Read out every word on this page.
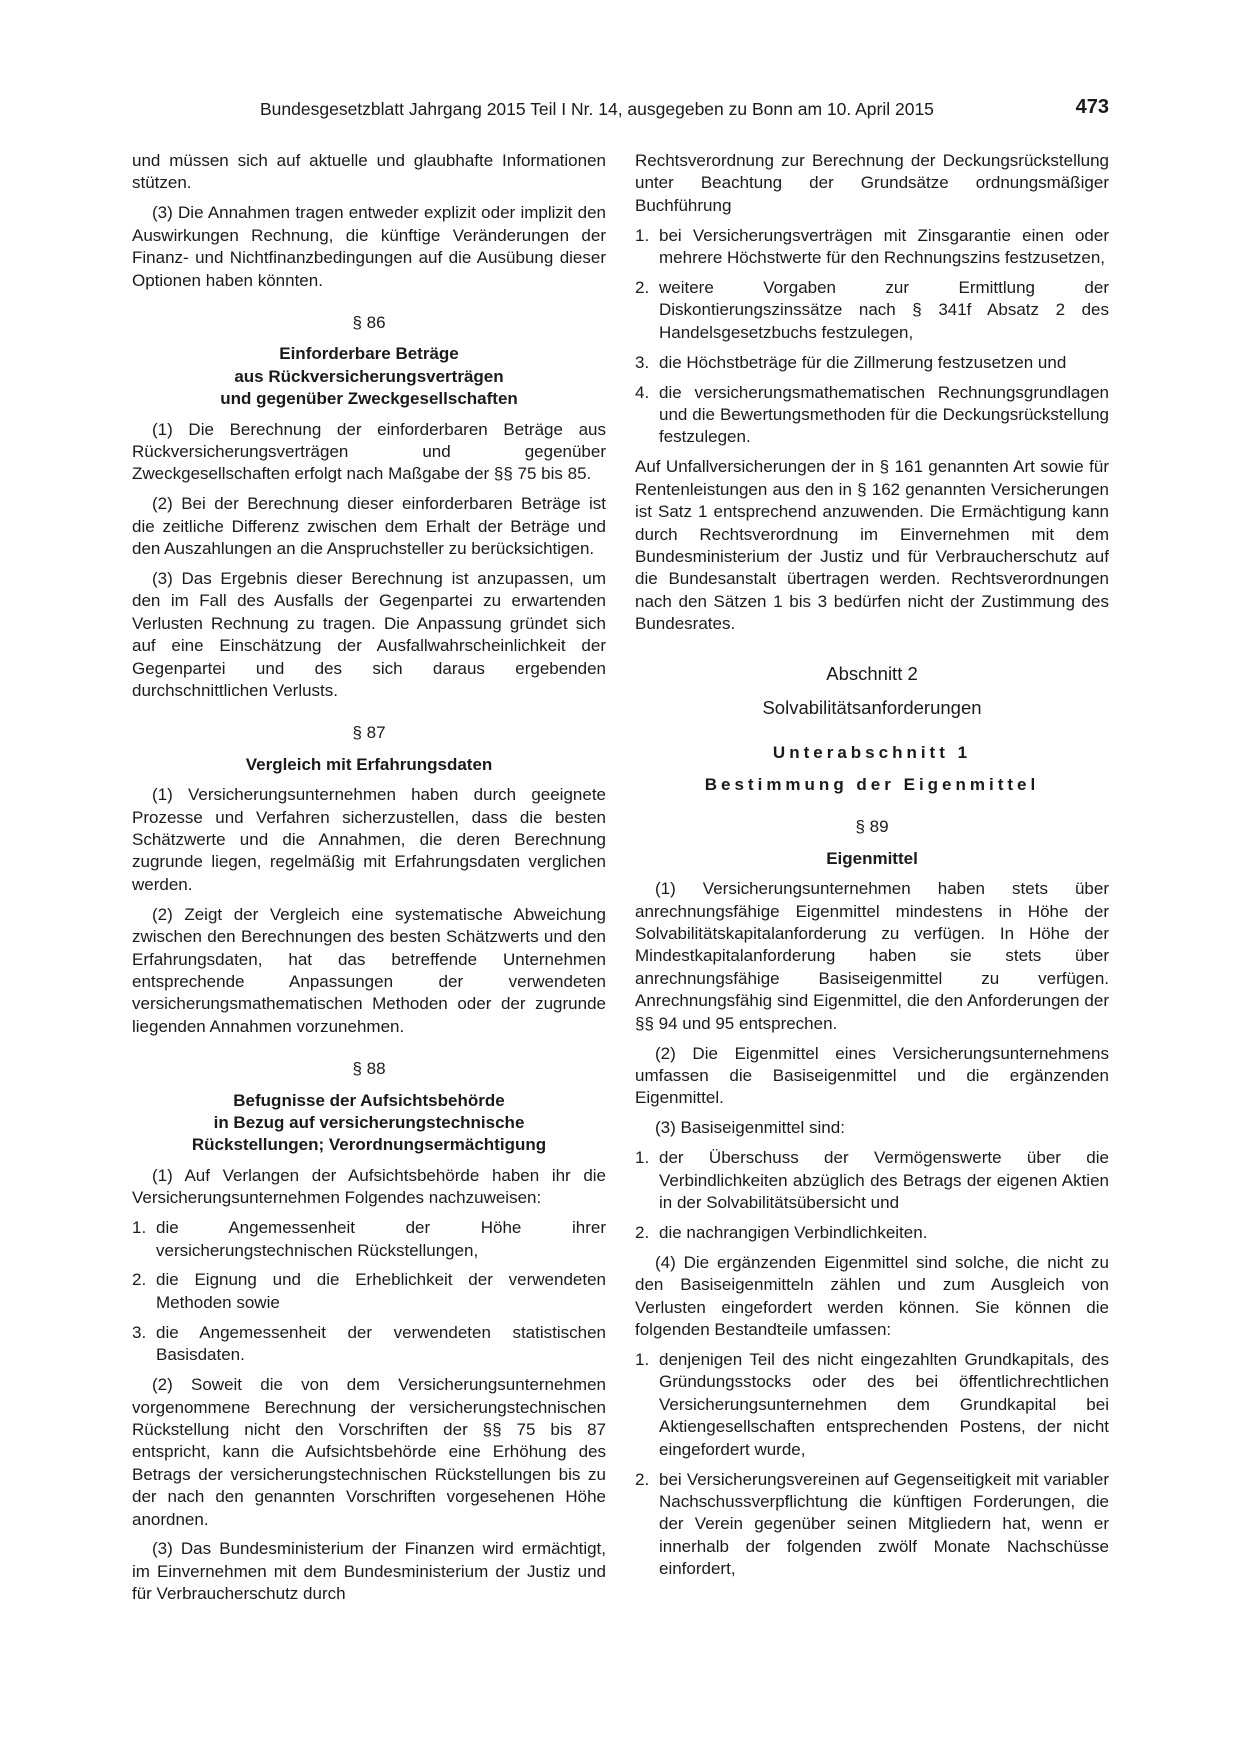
Bundesgesetzblatt Jahrgang 2015 Teil I Nr. 14, ausgegeben zu Bonn am 10. April 2015	473

und müssen sich auf aktuelle und glaubhafte Informationen stützen.

(3) Die Annahmen tragen entweder explizit oder implizit den Auswirkungen Rechnung, die künftige Veränderungen der Finanz- und Nichtfinanzbedingungen auf die Ausübung dieser Optionen haben könnten.

§ 86
Einforderbare Beträge
aus Rückversicherungsverträgen
und gegenüber Zweckgesellschaften

(1) Die Berechnung der einforderbaren Beträge aus Rückversicherungsverträgen und gegenüber Zweckgesellschaften erfolgt nach Maßgabe der §§ 75 bis 85.

(2) Bei der Berechnung dieser einforderbaren Beträge ist die zeitliche Differenz zwischen dem Erhalt der Beträge und den Auszahlungen an die Anspruchsteller zu berücksichtigen.

(3) Das Ergebnis dieser Berechnung ist anzupassen, um den im Fall des Ausfalls der Gegenpartei zu erwartenden Verlusten Rechnung zu tragen. Die Anpassung gründet sich auf eine Einschätzung der Ausfallwahrscheinlichkeit der Gegenpartei und des sich daraus ergebenden durchschnittlichen Verlusts.

§ 87
Vergleich mit Erfahrungsdaten

(1) Versicherungsunternehmen haben durch geeignete Prozesse und Verfahren sicherzustellen, dass die besten Schätzwerte und die Annahmen, die deren Berechnung zugrunde liegen, regelmäßig mit Erfahrungsdaten verglichen werden.

(2) Zeigt der Vergleich eine systematische Abweichung zwischen den Berechnungen des besten Schätzwerts und den Erfahrungsdaten, hat das betreffende Unternehmen entsprechende Anpassungen der verwendeten versicherungsmathematischen Methoden oder der zugrunde liegenden Annahmen vorzunehmen.

§ 88
Befugnisse der Aufsichtsbehörde
in Bezug auf versicherungstechnische
Rückstellungen; Verordnungsermächtigung

(1) Auf Verlangen der Aufsichtsbehörde haben ihr die Versicherungsunternehmen Folgendes nachzuweisen:

1. die Angemessenheit der Höhe ihrer versicherungstechnischen Rückstellungen,
2. die Eignung und die Erheblichkeit der verwendeten Methoden sowie
3. die Angemessenheit der verwendeten statistischen Basisdaten.

(2) Soweit die von dem Versicherungsunternehmen vorgenommene Berechnung der versicherungstechnischen Rückstellung nicht den Vorschriften der §§ 75 bis 87 entspricht, kann die Aufsichtsbehörde eine Erhöhung des Betrags der versicherungstechnischen Rückstellungen bis zu der nach den genannten Vorschriften vorgesehenen Höhe anordnen.

(3) Das Bundesministerium der Finanzen wird ermächtigt, im Einvernehmen mit dem Bundesministerium der Justiz und für Verbraucherschutz durch

Rechtsverordnung zur Berechnung der Deckungsrückstellung unter Beachtung der Grundsätze ordnungsmäßiger Buchführung

1. bei Versicherungsverträgen mit Zinsgarantie einen oder mehrere Höchstwerte für den Rechnungszins festzusetzen,
2. weitere Vorgaben zur Ermittlung der Diskontierungszinssätze nach § 341f Absatz 2 des Handelsgesetzbuchs festzulegen,
3. die Höchstbeträge für die Zillmerung festzusetzen und
4. die versicherungsmathematischen Rechnungsgrundlagen und die Bewertungsmethoden für die Deckungsrückstellung festzulegen.

Auf Unfallversicherungen der in § 161 genannten Art sowie für Rentenleistungen aus den in § 162 genannten Versicherungen ist Satz 1 entsprechend anzuwenden. Die Ermächtigung kann durch Rechtsverordnung im Einvernehmen mit dem Bundesministerium der Justiz und für Verbraucherschutz auf die Bundesanstalt übertragen werden. Rechtsverordnungen nach den Sätzen 1 bis 3 bedürfen nicht der Zustimmung des Bundesrates.

Abschnitt 2
Solvabilitätsanforderungen
Unterabschnitt 1
Bestimmung der Eigenmittel
§ 89
Eigenmittel

(1) Versicherungsunternehmen haben stets über anrechnungsfähige Eigenmittel mindestens in Höhe der Solvabilitätskapitalanforderung zu verfügen. In Höhe der Mindestkapitalanforderung haben sie stets über anrechnungsfähige Basiseigenmittel zu verfügen. Anrechnungsfähig sind Eigenmittel, die den Anforderungen der §§ 94 und 95 entsprechen.

(2) Die Eigenmittel eines Versicherungsunternehmens umfassen die Basiseigenmittel und die ergänzenden Eigenmittel.

(3) Basiseigenmittel sind:

1. der Überschuss der Vermögenswerte über die Verbindlichkeiten abzüglich des Betrags der eigenen Aktien in der Solvabilitätsübersicht und
2. die nachrangigen Verbindlichkeiten.

(4) Die ergänzenden Eigenmittel sind solche, die nicht zu den Basiseigenmitteln zählen und zum Ausgleich von Verlusten eingefordert werden können. Sie können die folgenden Bestandteile umfassen:

1. denjenigen Teil des nicht eingezahlten Grundkapitals, des Gründungsstocks oder des bei öffentlichrechtlichen Versicherungsunternehmen dem Grundkapital bei Aktiengesellschaften entsprechenden Postens, der nicht eingefordert wurde,
2. bei Versicherungsvereinen auf Gegenseitigkeit mit variabler Nachschussverpflichtung die künftigen Forderungen, die der Verein gegenüber seinen Mitgliedern hat, wenn er innerhalb der folgenden zwölf Monate Nachschüsse einfordert,
